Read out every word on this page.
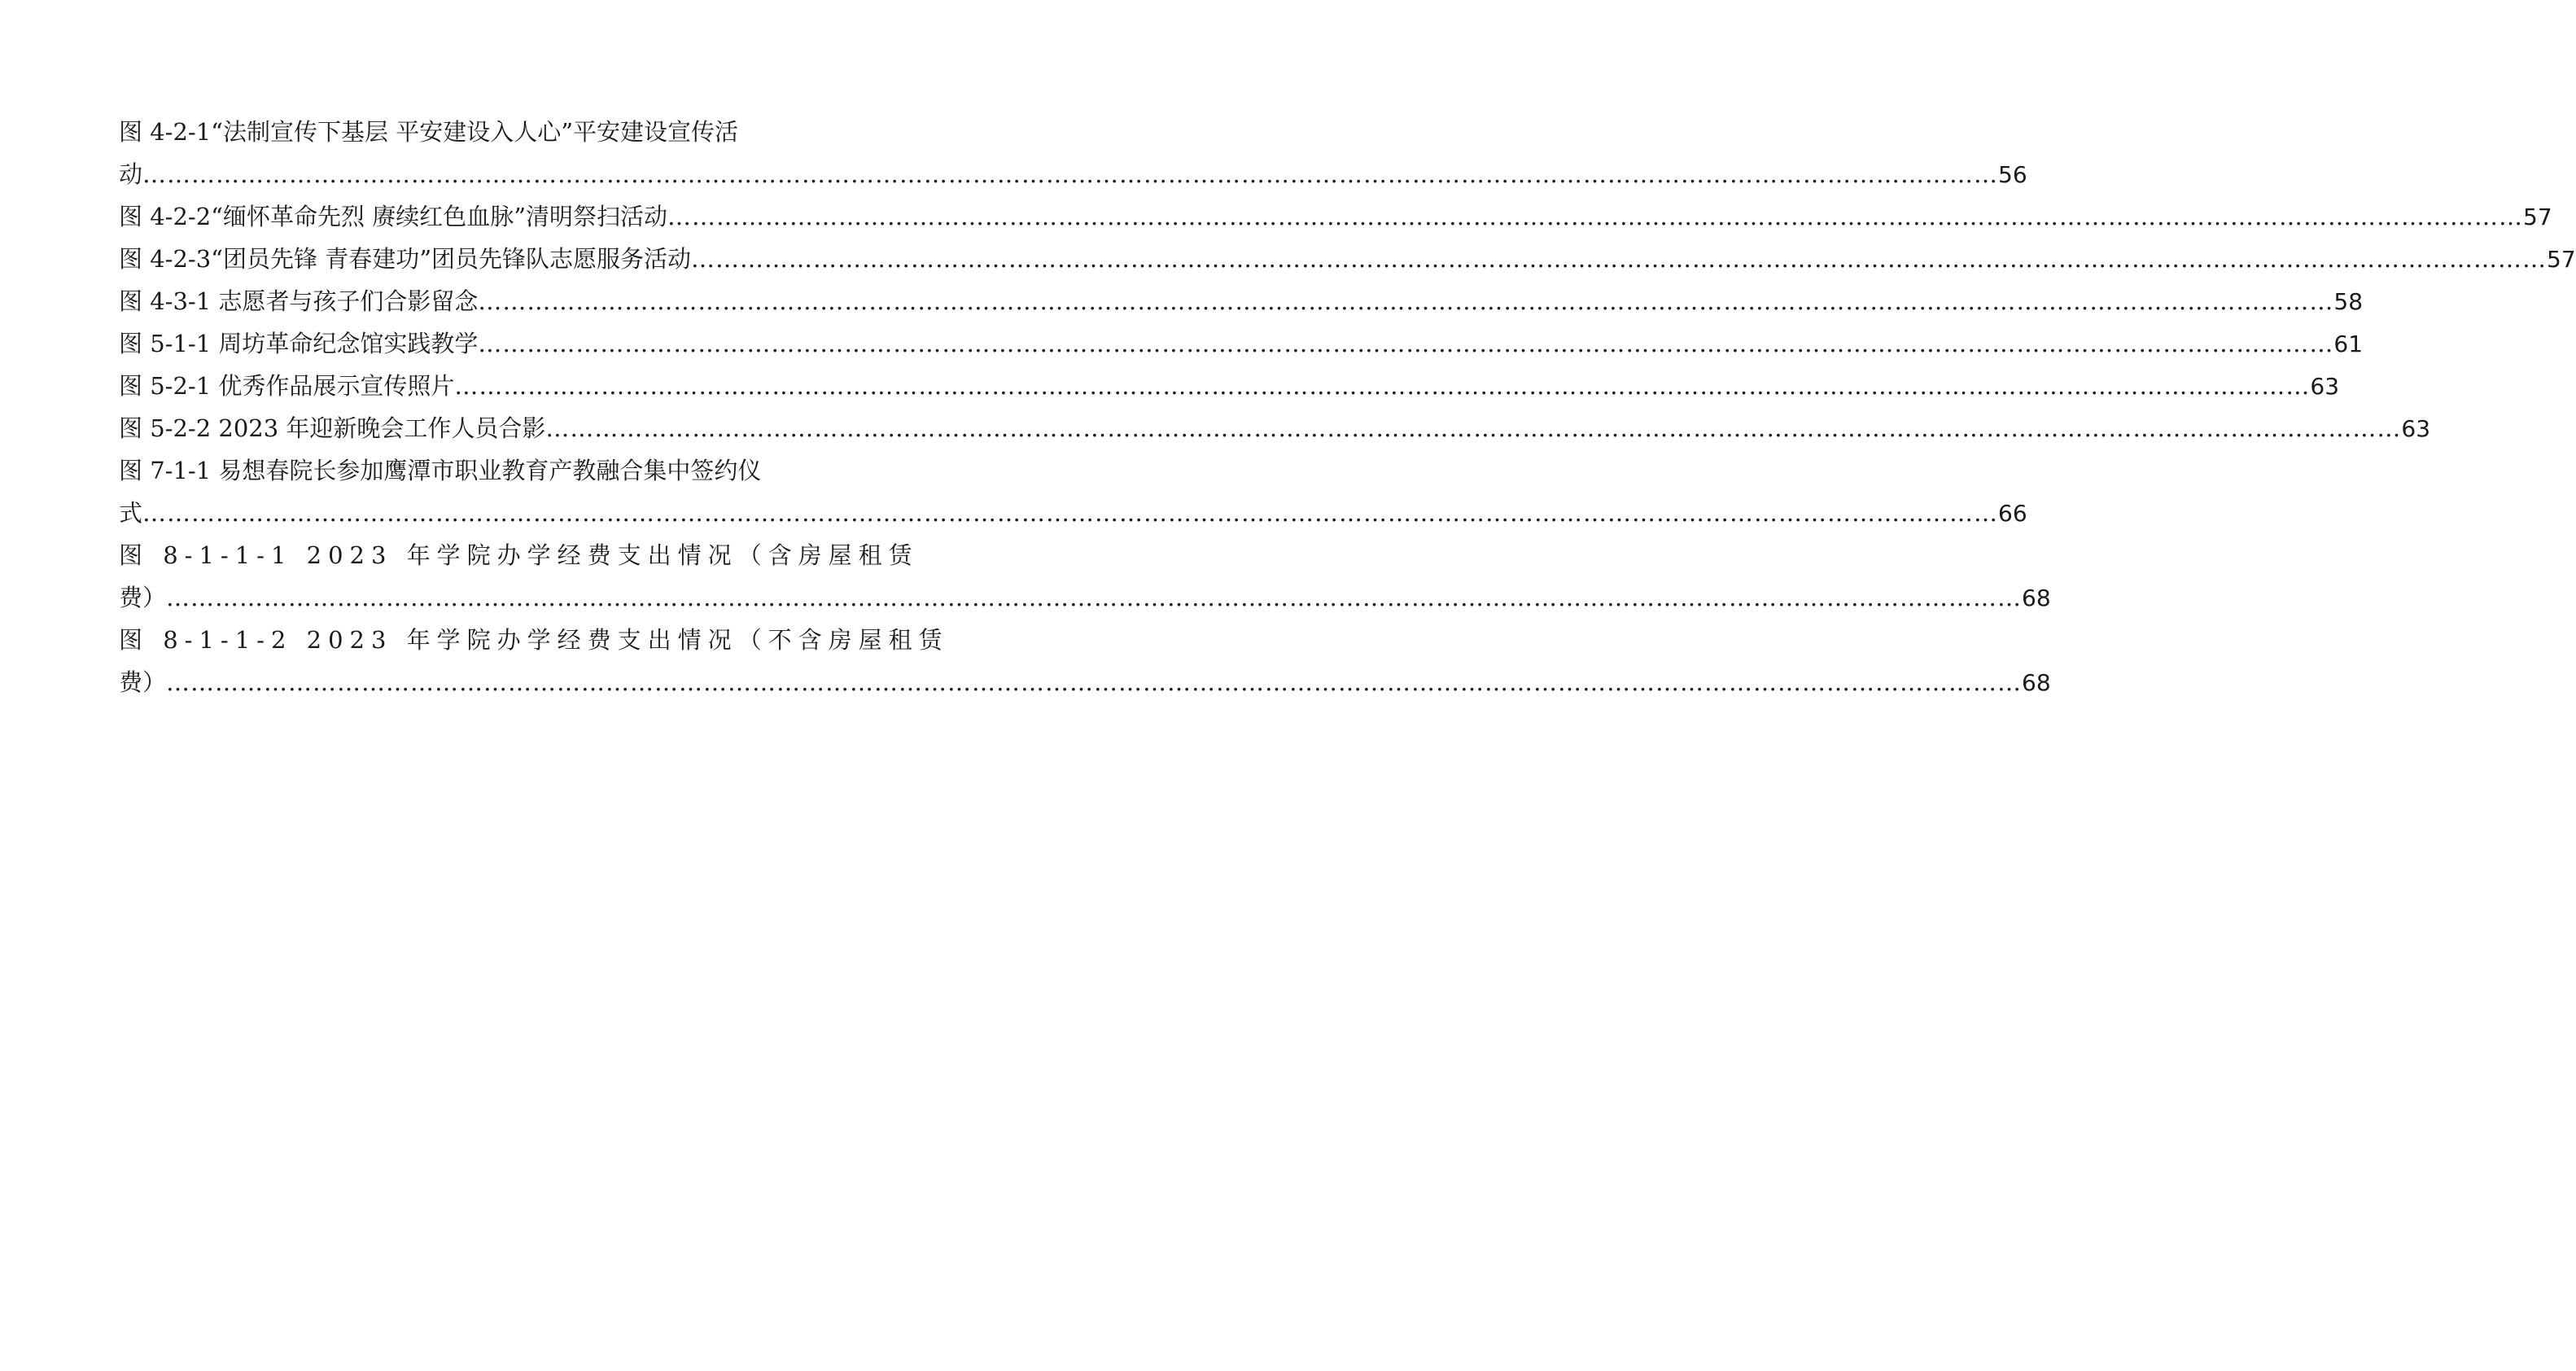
图 4-2-1“法制宣传下基层 平安建设入人心”平安建设宣传活
动 …………………………………………………………………………………………………………………………………………………………………………………………………………	56
图 4-2-2“缅怀革命先烈 赓续红色血脉”清明祭扫活动 …………………………………………………………………………………………………………………………………………………………………………………………………………	57
图 4-2-3“团员先锋 青春建功”团员先锋队志愿服务活动 …………………………………………………………………………………………………………………………………………………………………………………………………………	57
图 4-3-1 志愿者与孩子们合影留念 …………………………………………………………………………………………………………………………………………………………………………………………………………	58
图 5-1-1 周坊革命纪念馆实践教学 …………………………………………………………………………………………………………………………………………………………………………………………………………	61
图 5-2-1 优秀作品展示宣传照片 …………………………………………………………………………………………………………………………………………………………………………………………………………	63
图 5-2-2 2023 年迎新晚会工作人员合影 …………………………………………………………………………………………………………………………………………………………………………………………………………	63
图 7-1-1 易想春院长参加鹰潭市职业教育产教融合集中签约仪
式 …………………………………………………………………………………………………………………………………………………………………………………………………………	66
图 8-1-1-1 2023 年学院办学经费支出情况（含房屋租赁
费） …………………………………………………………………………………………………………………………………………………………………………………………………………	68
图 8-1-1-2 2023 年学院办学经费支出情况（不含房屋租赁
费） …………………………………………………………………………………………………………………………………………………………………………………………………………	68
